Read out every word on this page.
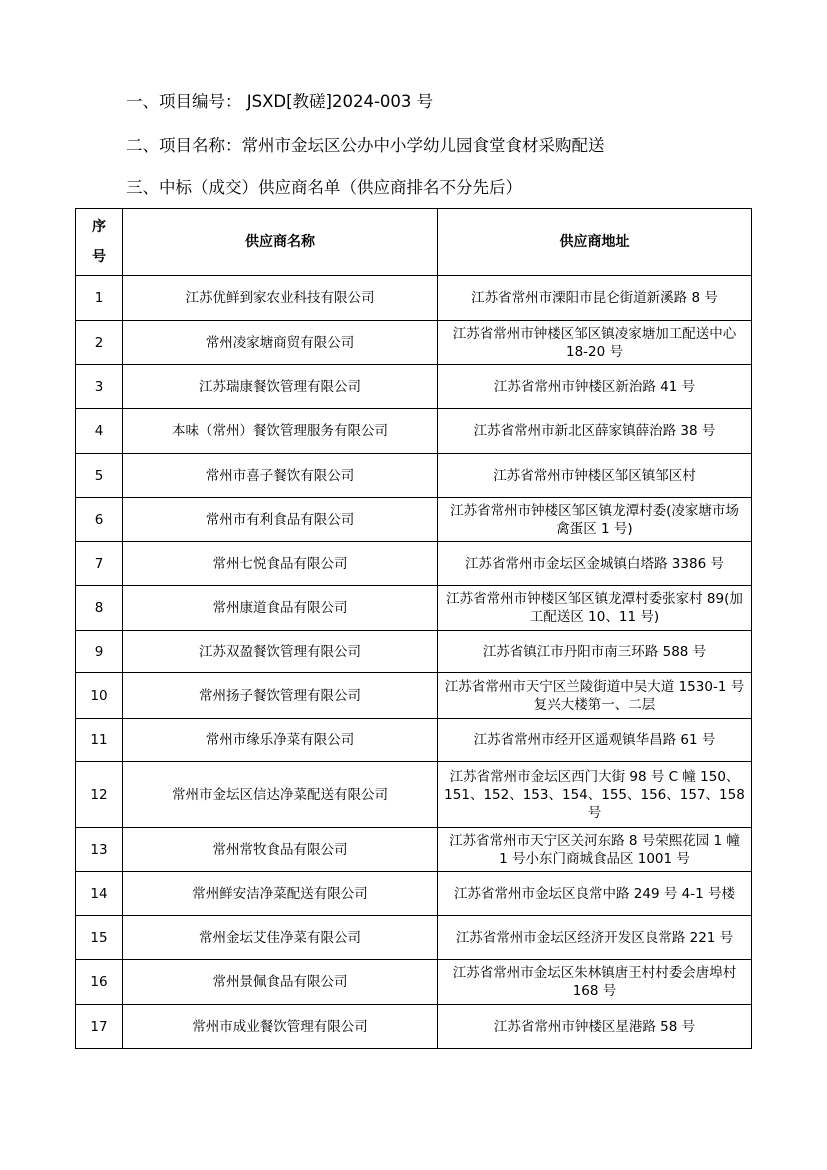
一、项目编号： JSXD[教磋]2024-003 号
二、项目名称：常州市金坛区公办中小学幼儿园食堂食材采购配送
三、中标（成交）供应商名单（供应商排名不分先后）
序
号	供应商名称	供应商地址
1	江苏优鲜到家农业科技有限公司	江苏省常州市溧阳市昆仑街道新溪路 8 号
2	常州凌家塘商贸有限公司	江苏省常州市钟楼区邹区镇凌家塘加工配送中心 18-20 号
3	江苏瑞康餐饮管理有限公司	江苏省常州市钟楼区新治路 41 号
4	本味（常州）餐饮管理服务有限公司	江苏省常州市新北区薛家镇薛治路 38 号
5	常州市喜子餐饮有限公司	江苏省常州市钟楼区邹区镇邹区村
6	常州市有利食品有限公司	江苏省常州市钟楼区邹区镇龙潭村委(凌家塘市场禽蛋区 1 号)
7	常州七悦食品有限公司	江苏省常州市金坛区金城镇白塔路 3386 号
8	常州康道食品有限公司	江苏省常州市钟楼区邹区镇龙潭村委张家村 89(加工配送区 10、11 号)
9	江苏双盈餐饮管理有限公司	江苏省镇江市丹阳市南三环路 588 号
10	常州扬子餐饮管理有限公司	江苏省常州市天宁区兰陵街道中吴大道 1530-1 号复兴大楼第一、二层
11	常州市缘乐净菜有限公司	江苏省常州市经开区遥观镇华昌路 61 号
12	常州市金坛区信达净菜配送有限公司	江苏省常州市金坛区西门大街 98 号 C 幢 150、151、152、153、154、155、156、157、158 号
13	常州常牧食品有限公司	江苏省常州市天宁区关河东路 8 号荣熙花园 1 幢 1 号小东门商城食品区 1001 号
14	常州鲜安洁净菜配送有限公司	江苏省常州市金坛区良常中路 249 号 4-1 号楼
15	常州金坛艾佳净菜有限公司	江苏省常州市金坛区经济开发区良常路 221 号
16	常州景佩食品有限公司	江苏省常州市金坛区朱林镇唐王村村委会唐埠村 168 号
17	常州市成业餐饮管理有限公司	江苏省常州市钟楼区星港路 58 号
